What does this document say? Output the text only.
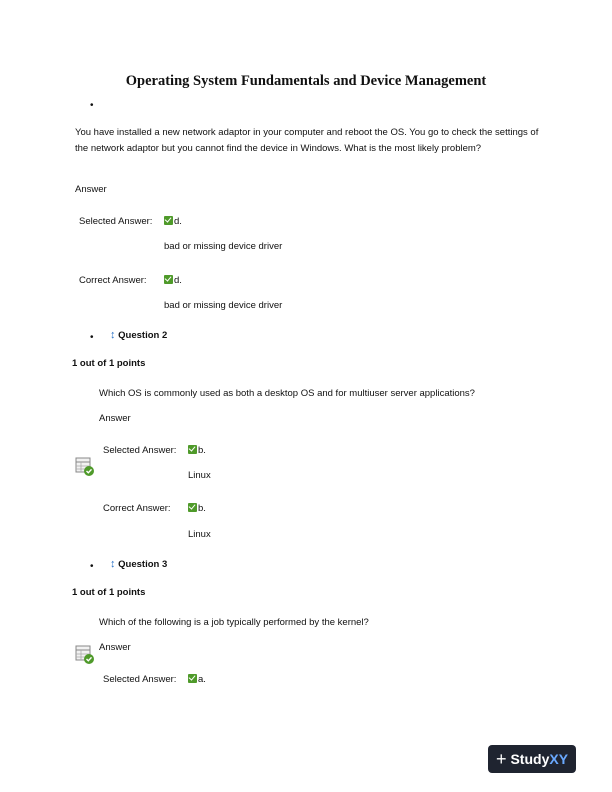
Operating System Fundamentals and Device Management
•
You have installed a new network adaptor in your computer and reboot the OS. You go to check the settings of the network adaptor but you cannot find the device in Windows. What is the most likely problem?
Answer
Selected Answer:	d.
bad or missing device driver
Correct Answer:	d.
bad or missing device driver
• ↕ Question 2
1 out of 1 points
Which OS is commonly used as both a desktop OS and for multiuser server applications?
Answer
Selected Answer:	b.
Linux
Correct Answer:	b.
Linux
• ↕ Question 3
1 out of 1 points
Which of the following is a job typically performed by the kernel?
Answer
Selected Answer:	a.
+ Study XY
